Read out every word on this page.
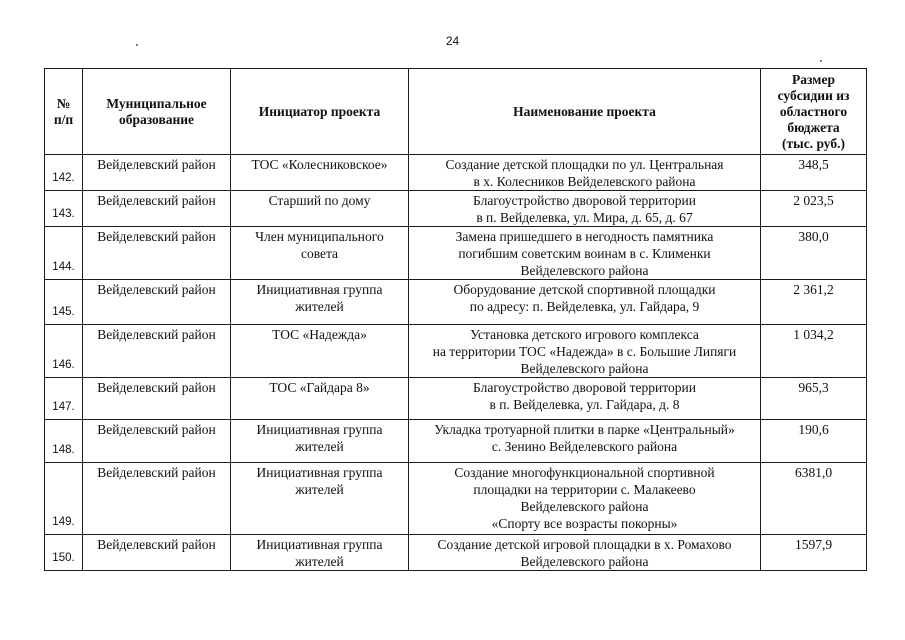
24
№ п/п	Муниципальное образование	Инициатор проекта	Наименование проекта	Размер субсидии из областного бюджета (тыс. руб.)
142.	Вейделевский район	ТОС «Колесниковское»	Создание детской площадки по ул. Центральная
в х. Колесников Вейделевского района	348,5
143.	Вейделевский район	Старший по дому	Благоустройство дворовой территории
в п. Вейделевка, ул. Мира, д. 65, д. 67	2 023,5
144.	Вейделевский район	Член муниципального
совета	Замена пришедшего в негодность памятника
погибшим советским воинам в с. Клименки
Вейделевского района	380,0
145.	Вейделевский район	Инициативная группа
жителей	Оборудование детской спортивной площадки
по адресу: п. Вейделевка, ул. Гайдара, 9	2 361,2
146.	Вейделевский район	ТОС «Надежда»	Установка детского игрового комплекса
на территории ТОС «Надежда» в с. Большие Липяги
Вейделевского района	1 034,2
147.	Вейделевский район	ТОС «Гайдара 8»	Благоустройство дворовой территории
в п. Вейделевка, ул. Гайдара, д. 8	965,3
148.	Вейделевский район	Инициативная группа
жителей	Укладка тротуарной плитки в парке «Центральный»
с. Зенино Вейделевского района	190,6
149.	Вейделевский район	Инициативная группа
жителей	Создание многофункциональной спортивной
площадки на территории с. Малакеево
Вейделевского района
«Спорту все возрасты покорны»	6381,0
150.	Вейделевский район	Инициативная группа
жителей	Создание детской игровой площадки в х. Ромахово
Вейделевского района	1597,9
